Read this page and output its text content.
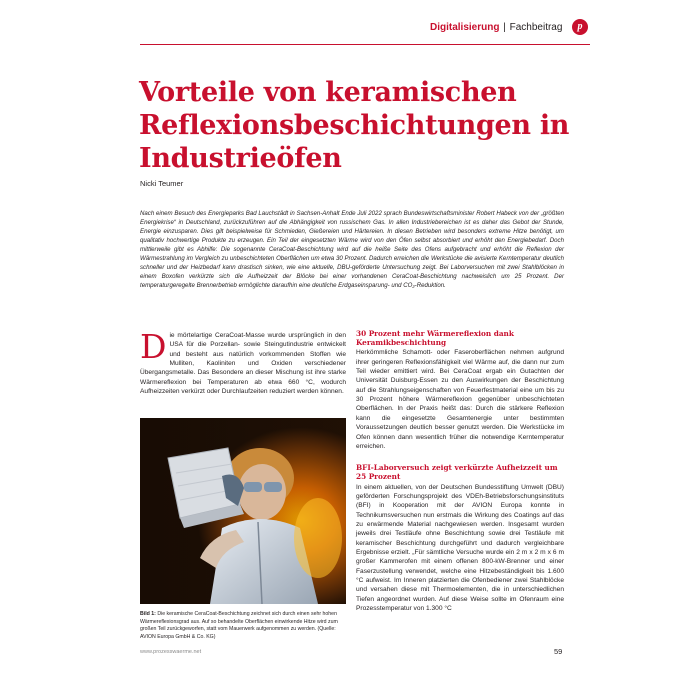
Digitalisierung | Fachbeitrag	p
Vorteile von keramischen Reflexionsbeschichtungen in Industrieöfen
Nicki Teumer

Nach einem Besuch des Energieparks Bad Lauchstädt in Sachsen-Anhalt Ende Juli 2022 sprach Bundeswirtschaftsminister Robert Habeck von der „größten Energiekrise“ in Deutschland, zurückzuführen auf die Abhängigkeit von russischem Gas. In allen Industriebereichen ist es daher das Gebot der Stunde, Energie einzusparen. Dies gilt beispielweise für Schmieden, Gießereien und Härtereien. In diesen Betrieben wird besonders extreme Hitze benötigt, um qualitativ hochwertige Produkte zu erzeugen. Ein Teil der eingesetzten Wärme wird von den Öfen selbst absorbiert und erhöht den Energiebedarf. Doch mittlerweile gibt es Abhilfe: Die sogenannte CeraCoat-Beschichtung wird auf die heiße Seite des Ofens aufgebracht und erhöht die Reflexion der Wärmestrahlung im Vergleich zu unbeschichteten Oberflächen um etwa 30 Prozent. Dadurch erreichen die Werkstücke die avisierte Kerntemperatur deutlich schneller und der Heizbedarf kann drastisch sinken, wie eine aktuelle, DBU-geförderte Untersuchung zeigt. Bei Laborversuchen mit zwei Stahlblöcken in einem Boxofen verkürzte sich die Aufheizzeit der Blöcke bei einer vorhandenen CeraCoat-Beschichtung nachweislich um 25 Prozent. Der temperaturgeregelte Brennerbetrieb ermöglichte daraufhin eine deutliche Erdgaseinsparung- und CO₂-Reduktion.

Die mörtelartige CeraCoat-Masse wurde ursprünglich in den USA für die Porzellan- sowie Steingutindustrie entwickelt und besteht aus natürlich vorkommenden Stoffen wie Mulliten, Kaoliniten und Oxiden verschiedener Übergangsmetalle. Das Besondere an dieser Mischung ist ihre starke Wärmereflexion bei Temperaturen ab etwa 660 °C, wodurch Aufheizzeiten verkürzt oder Durchlaufzeiten reduziert werden können.

Bild 1: Die keramische CeraCoat-Beschichtung zeichnet sich durch einen sehr hohen Wärmereflexionsgrad aus. Auf so behandelte Oberflächen einwirkende Hitze wird zum großen Teil zurückgeworfen, statt vom Mauerwerk aufgenommen zu werden. (Quelle: AVION Europa GmbH & Co. KG)

30 Prozent mehr Wärmereflexion dank Keramikbeschichtung

Herkömmliche Schamott- oder Faseroberflächen nehmen aufgrund ihrer geringeren Reflexionsfähigkeit viel Wärme auf, die dann nur zum Teil wieder emittiert wird. Bei CeraCoat ergab ein Gutachten der Universität Duisburg-Essen zu den Auswirkungen der Beschichtung auf die Strahlungseigenschaften von Feuerfestmaterial eine um bis zu 30 Prozent höhere Wärmereflexion gegenüber unbeschichteten Oberflächen. In der Praxis heißt das: Durch die stärkere Reflexion kann die eingesetzte Gesamtenergie unter bestimmten Voraussetzungen deutlich besser genutzt werden. Die Werkstücke im Ofen können dann wesentlich früher die notwendige Kerntemperatur erreichen.

BFI-Laborversuch zeigt verkürzte Aufheizzeit um 25 Prozent

In einem aktuellen, von der Deutschen Bundesstiftung Umwelt (DBU) geförderten Forschungsprojekt des VDEh-Betriebsforschungsinstituts (BFI) in Kooperation mit der AVION Europa konnte in Technikumsversuchen nun erstmals die Wirkung des Coatings auf das zu erwärmende Material nachgewiesen werden. Insgesamt wurden jeweils drei Testläufe ohne Beschichtung sowie drei Testläufe mit keramischer Beschichtung durchgeführt und dadurch vergleichbare Ergebnisse erzielt. „Für sämtliche Versuche wurde ein 2 m x 2 m x 6 m großer Kammerofen mit einem offenen 800-kW-Brenner und einer Faserzustellung verwendet, welche eine Hitzebeständigkeit bis 1.600 °C aufweist. Im Inneren platzierten die Ofenbediener zwei Stahlblöcke und versahen diese mit Thermoelementen, die in unterschiedlichen Tiefen angeordnet wurden. Auf diese Weise sollte im Ofenraum eine Prozesstemperatur von 1.300 °C

www.prozesswaerme.net	59
